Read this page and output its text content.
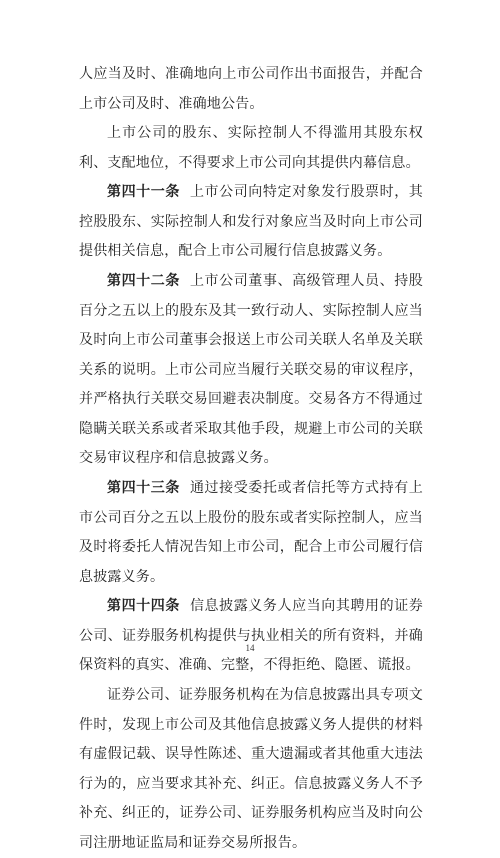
人应当及时、准确地向上市公司作出书面报告，并配合上市公司及时、准确地公告。

上市公司的股东、实际控制人不得滥用其股东权利、支配地位，不得要求上市公司向其提供内幕信息。

第四十一条 上市公司向特定对象发行股票时，其控股股东、实际控制人和发行对象应当及时向上市公司提供相关信息，配合上市公司履行信息披露义务。

第四十二条 上市公司董事、高级管理人员、持股百分之五以上的股东及其一致行动人、实际控制人应当及时向上市公司董事会报送上市公司关联人名单及关联关系的说明。上市公司应当履行关联交易的审议程序，并严格执行关联交易回避表决制度。交易各方不得通过隐瞒关联关系或者采取其他手段，规避上市公司的关联交易审议程序和信息披露义务。

第四十三条 通过接受委托或者信托等方式持有上市公司百分之五以上股份的股东或者实际控制人，应当及时将委托人情况告知上市公司，配合上市公司履行信息披露义务。

第四十四条 信息披露义务人应当向其聘用的证券公司、证券服务机构提供与执业相关的所有资料，并确保资料的真实、准确、完整，不得拒绝、隐匿、谎报。

证券公司、证券服务机构在为信息披露出具专项文件时，发现上市公司及其他信息披露义务人提供的材料有虚假记载、误导性陈述、重大遗漏或者其他重大违法行为的，应当要求其补充、纠正。信息披露义务人不予补充、纠正的，证券公司、证券服务机构应当及时向公司注册地证监局和证券交易所报告。

14
